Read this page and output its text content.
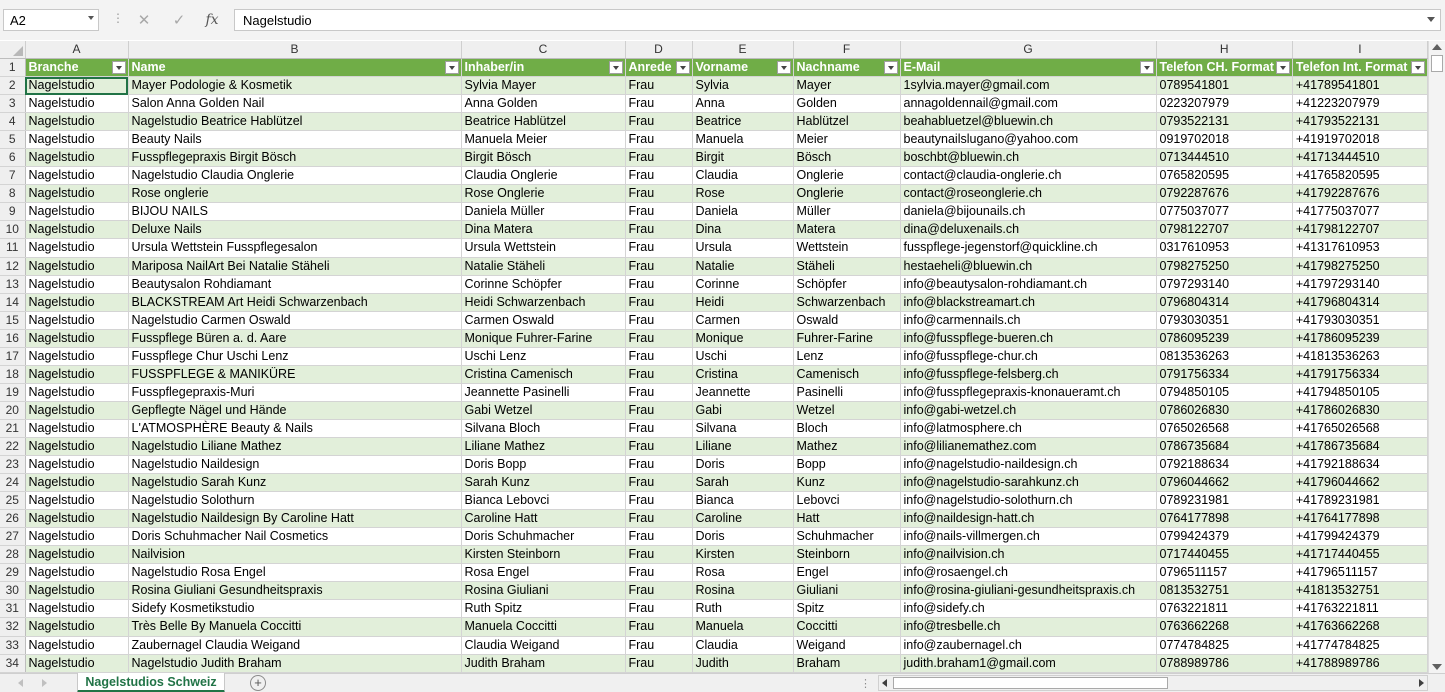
A2	⋮ ✕	✓	fx	Nagelstudio
	A	B	C	D	E	F	G	H	I
1	Branche	Name	Inhaber/in	Anrede	Vorname	Nachname	E-Mail	Telefon CH. Format	Telefon Int. Format

2	Nagelstudio	Mayer Podologie & Kosmetik	Sylvia Mayer	Frau	Sylvia	Mayer	1sylvia.mayer@gmail.com	0789541801	+41789541801
3	Nagelstudio	Salon Anna Golden Nail	Anna Golden	Frau	Anna	Golden	annagoldennail@gmail.com	0223207979	+41223207979
4	Nagelstudio	Nagelstudio Beatrice Hablützel	Beatrice Hablützel	Frau	Beatrice	Hablützel	beahabluetzel@bluewin.ch	0793522131	+41793522131
5	Nagelstudio	Beauty Nails	Manuela Meier	Frau	Manuela	Meier	beautynailslugano@yahoo.com	0919702018	+41919702018
6	Nagelstudio	Fusspflegepraxis Birgit Bösch	Birgit Bösch	Frau	Birgit	Bösch	boschbt@bluewin.ch	0713444510	+41713444510
7	Nagelstudio	Nagelstudio Claudia Onglerie	Claudia Onglerie	Frau	Claudia	Onglerie	contact@claudia-onglerie.ch	0765820595	+41765820595
8	Nagelstudio	Rose onglerie	Rose Onglerie	Frau	Rose	Onglerie	contact@roseonglerie.ch	0792287676	+41792287676
9	Nagelstudio	BIJOU NAILS	Daniela Müller	Frau	Daniela	Müller	daniela@bijounails.ch	0775037077	+41775037077
10	Nagelstudio	Deluxe Nails	Dina Matera	Frau	Dina	Matera	dina@deluxenails.ch	0798122707	+41798122707
11	Nagelstudio	Ursula Wettstein Fusspflegesalon	Ursula Wettstein	Frau	Ursula	Wettstein	fusspflege-jegenstorf@quickline.ch	0317610953	+41317610953
12	Nagelstudio	Mariposa NailArt Bei Natalie Stäheli	Natalie Stäheli	Frau	Natalie	Stäheli	hestaeheli@bluewin.ch	0798275250	+41798275250
13	Nagelstudio	Beautysalon Rohdiamant	Corinne Schöpfer	Frau	Corinne	Schöpfer	info@beautysalon-rohdiamant.ch	0797293140	+41797293140
14	Nagelstudio	BLACKSTREAM Art Heidi Schwarzenbach	Heidi Schwarzenbach	Frau	Heidi	Schwarzenbach	info@blackstreamart.ch	0796804314	+41796804314
15	Nagelstudio	Nagelstudio Carmen Oswald	Carmen Oswald	Frau	Carmen	Oswald	info@carmennails.ch	0793030351	+41793030351
16	Nagelstudio	Fusspflege Büren a. d. Aare	Monique Fuhrer-Farine	Frau	Monique	Fuhrer-Farine	info@fusspflege-bueren.ch	0786095239	+41786095239
17	Nagelstudio	Fusspflege Chur Uschi Lenz	Uschi Lenz	Frau	Uschi	Lenz	info@fusspflege-chur.ch	0813536263	+41813536263
18	Nagelstudio	FUSSPFLEGE & MANIKÜRE	Cristina Camenisch	Frau	Cristina	Camenisch	info@fusspflege-felsberg.ch	0791756334	+41791756334
19	Nagelstudio	Fusspflegepraxis-Muri	Jeannette Pasinelli	Frau	Jeannette	Pasinelli	info@fusspflegepraxis-knonaueramt.ch	0794850105	+41794850105
20	Nagelstudio	Gepflegte Nägel und Hände	Gabi Wetzel	Frau	Gabi	Wetzel	info@gabi-wetzel.ch	0786026830	+41786026830
21	Nagelstudio	L'ATMOSPHÈRE Beauty & Nails	Silvana Bloch	Frau	Silvana	Bloch	info@latmosphere.ch	0765026568	+41765026568
22	Nagelstudio	Nagelstudio Liliane Mathez	Liliane Mathez	Frau	Liliane	Mathez	info@lilianemathez.com	0786735684	+41786735684
23	Nagelstudio	Nagelstudio Naildesign	Doris Bopp	Frau	Doris	Bopp	info@nagelstudio-naildesign.ch	0792188634	+41792188634
24	Nagelstudio	Nagelstudio Sarah Kunz	Sarah Kunz	Frau	Sarah	Kunz	info@nagelstudio-sarahkunz.ch	0796044662	+41796044662
25	Nagelstudio	Nagelstudio Solothurn	Bianca Lebovci	Frau	Bianca	Lebovci	info@nagelstudio-solothurn.ch	0789231981	+41789231981
26	Nagelstudio	Nagelstudio Naildesign By Caroline Hatt	Caroline Hatt	Frau	Caroline	Hatt	info@naildesign-hatt.ch	0764177898	+41764177898
27	Nagelstudio	Doris Schuhmacher Nail Cosmetics	Doris Schuhmacher	Frau	Doris	Schuhmacher	info@nails-villmergen.ch	0799424379	+41799424379
28	Nagelstudio	Nailvision	Kirsten Steinborn	Frau	Kirsten	Steinborn	info@nailvision.ch	0717440455	+41717440455
29	Nagelstudio	Nagelstudio Rosa Engel	Rosa Engel	Frau	Rosa	Engel	info@rosaengel.ch	0796511157	+41796511157
30	Nagelstudio	Rosina Giuliani Gesundheitspraxis	Rosina Giuliani	Frau	Rosina	Giuliani	info@rosina-giuliani-gesundheitspraxis.ch	0813532751	+41813532751
31	Nagelstudio	Sidefy Kosmetikstudio	Ruth Spitz	Frau	Ruth	Spitz	info@sidefy.ch	0763221811	+41763221811
32	Nagelstudio	Très Belle By Manuela Coccitti	Manuela Coccitti	Frau	Manuela	Coccitti	info@tresbelle.ch	0763662268	+41763662268
33	Nagelstudio	Zaubernagel Claudia Weigand	Claudia Weigand	Frau	Claudia	Weigand	info@zaubernagel.ch	0774784825	+41774784825
34	Nagelstudio	Nagelstudio Judith Braham	Judith Braham	Frau	Judith	Braham	judith.braham1@gmail.com	0788989786	+41788989786
Nagelstudios Schweiz	+	⋮
